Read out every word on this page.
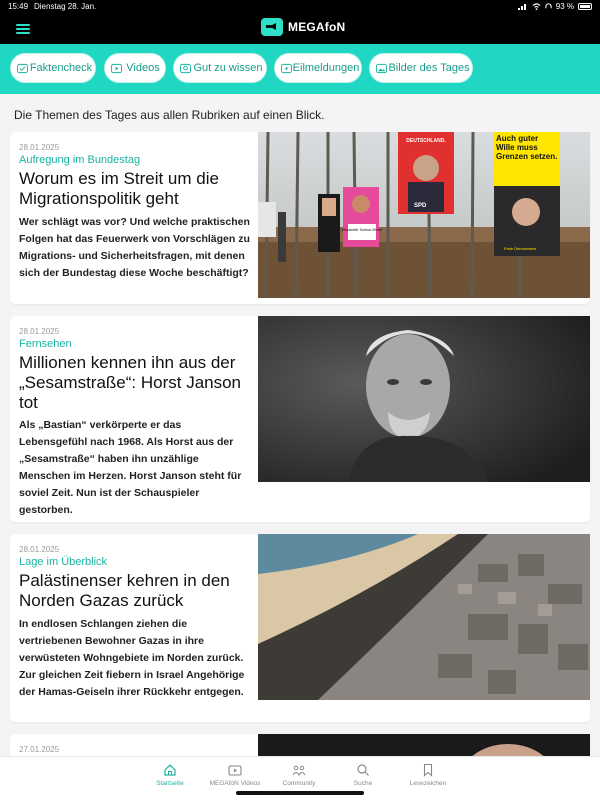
15:49 Dienstag 28. Jan.	93 %
MEGAfoN
Faktencheck	Videos	Gut zu wissen	Eilmeldungen	Bilder des Tages
Die Themen des Tages aus allen Rubriken auf einen Blick.
28.01.2025
Aufregung im Bundestag
Worum es im Streit um die Migrationspolitik geht
Wer schlägt was vor? Und welche praktischen Folgen hat das Feuerwerk von Vorschlägen zu Migrations- und Sicherheitsfragen, mit denen sich der Bundestag diese Woche beschäftigt?
Elisabeth Schick-Ebert
DEUTSCHLAND.
SPD
Auch guter Wille muss Grenzen setzen.
Freie Demokraten
28.01.2025
Fernsehen
Millionen kennen ihn aus der „Sesamstraße“: Horst Janson tot
Als „Bastian“ verkörperte er das Lebensgefühl nach 1968. Als Horst aus der „Sesamstraße“ haben ihn unzählige Menschen im Herzen. Horst Janson steht für soviel Zeit. Nun ist der Schauspieler gestorben.
28.01.2025
Lage im Überblick
Palästinenser kehren in den Norden Gazas zurück
In endlosen Schlangen ziehen die vertriebenen Bewohner Gazas in ihre verwüsteten Wohngebiete im Norden zurück. Zur gleichen Zeit fiebern in Israel Angehörige der Hamas-Geiseln ihrer Rückkehr entgegen.
27.01.2025
Startseite	MEGAfoN Videos	Community	Suche	Lesezeichen
